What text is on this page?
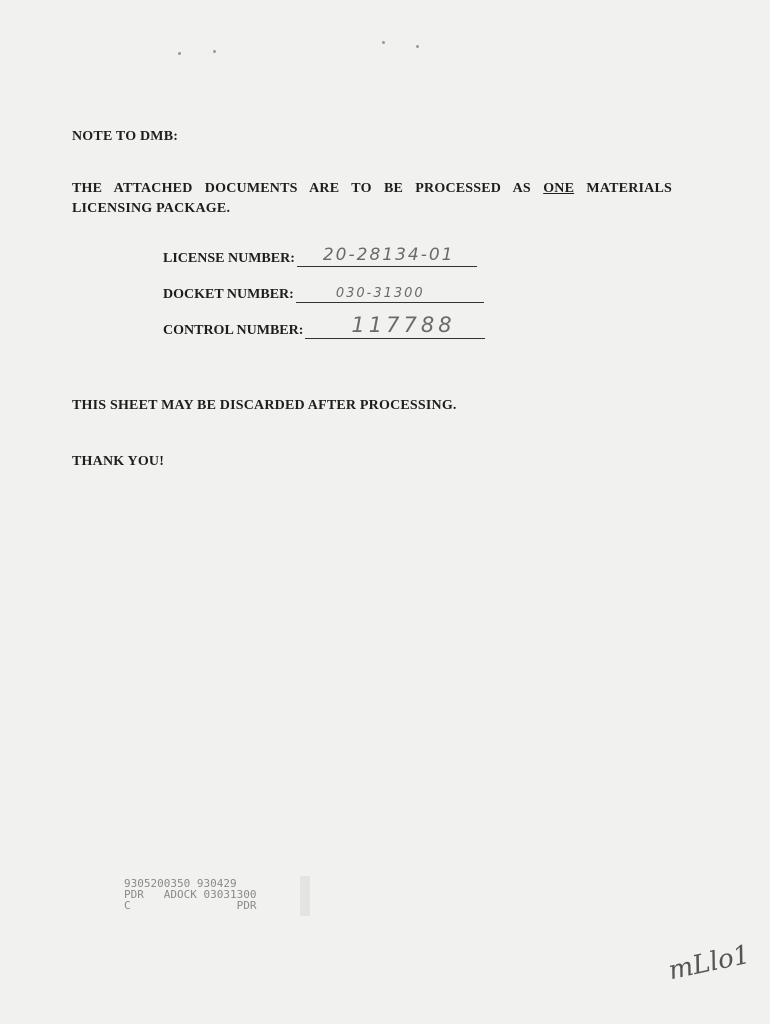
NOTE TO DMB:
THE ATTACHED DOCUMENTS ARE TO BE PROCESSED AS ONE MATERIALS LICENSING PACKAGE.
LICENSE NUMBER: 20-28134-01
DOCKET NUMBER:	030-31300
CONTROL NUMBER: 117788
THIS SHEET MAY BE DISCARDED AFTER PROCESSING.
THANK YOU!
9305200350 930429
PDR   ADOCK 03031300
C                PDR
mLlo1
